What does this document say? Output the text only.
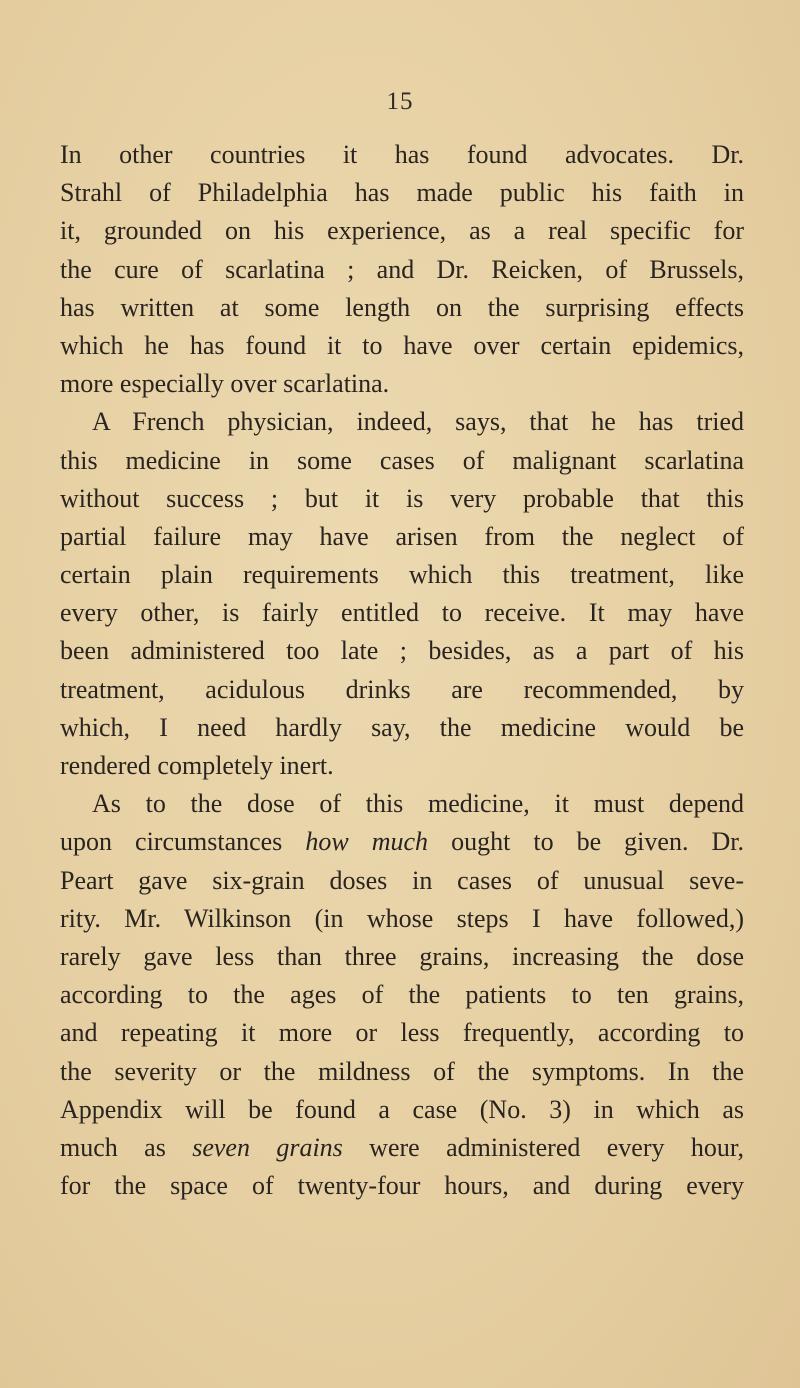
15
In other countries it has found advocates. Dr.
Strahl of Philadelphia has made public his faith in
it, grounded on his experience, as a real specific for
the cure of scarlatina ; and Dr. Reicken, of Brussels,
has written at some length on the surprising effects
which he has found it to have over certain epidemics,
more especially over scarlatina.
A French physician, indeed, says, that he has tried
this medicine in some cases of malignant scarlatina
without success ; but it is very probable that this
partial failure may have arisen from the neglect of
certain plain requirements which this treatment, like
every other, is fairly entitled to receive. It may have
been administered too late ; besides, as a part of his
treatment, acidulous drinks are recommended, by
which, I need hardly say, the medicine would be
rendered completely inert.
As to the dose of this medicine, it must depend
upon circumstances how much ought to be given. Dr.
Peart gave six-grain doses in cases of unusual seve-
rity. Mr. Wilkinson (in whose steps I have followed,)
rarely gave less than three grains, increasing the dose
according to the ages of the patients to ten grains,
and repeating it more or less frequently, according to
the severity or the mildness of the symptoms. In the
Appendix will be found a case (No. 3) in which as
much as seven grains were administered every hour,
for the space of twenty-four hours, and during every
